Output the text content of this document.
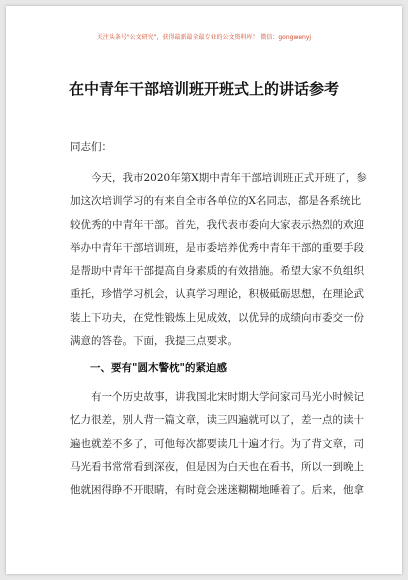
关注头条号"公文研究"，获得最新最全最专业的公文资料库！ 微信：gongwenyj
在中青年干部培训班开班式上的讲话参考
同志们：
今天，我市2020年第X期中青年干部培训班正式开班了，参
加这次培训学习的有来自全市各单位的X名同志，都是各系统比
较优秀的中青年干部。首先，我代表市委向大家表示热烈的欢迎
举办中青年干部培训班，是市委培养优秀中青年干部的重要手段
是帮助中青年干部提高自身素质的有效措施。希望大家不负组织
重托，珍惜学习机会，认真学习理论，积极砥砺思想，在理论武
装上下功夫，在党性锻炼上见成效，以优异的成绩向市委交一份
满意的答卷。下面，我提三点要求。
一、要有"圆木警枕"的紧迫感
有一个历史故事，讲我国北宋时期大学问家司马光小时候记
忆力很差，别人背一篇文章，读三四遍就可以了，差一点的读十
遍也就差不多了，可他每次都要读几十遍才行。为了背文章，司
马光看书常常看到深夜，但是因为白天也在看书，所以一到晚上
他就困得睁不开眼睛，有时竟会迷迷糊糊地睡着了。后来，他拿
